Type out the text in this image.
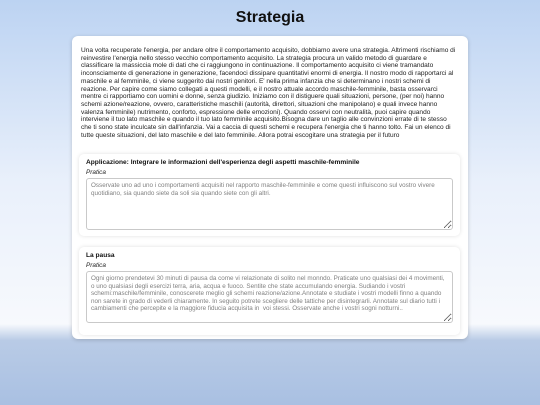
Strategia

Una volta recuperate l'energia, per andare oltre il comportamento acquisito, dobbiamo avere una strategia. Altrimenti rischiamo di reinvestire l'energia nello stesso vecchio comportamento acquisito. La strategia procura un valido metodo di guardare e classificare la massiccia mole di dati che ci raggiungono in continuazione. Il comportamento acquisito ci viene tramandato inconsciamente di generazione in generazione, facendoci dissipare quantitativi enormi di energia. Il nostro modo di rapportarci al maschile e al femminile, ci viene suggerito dai nostri genitori. E' nella prima infanzia che si determinano i nostri schemi di reazione. Per capire come siamo collegati a questi modelli, e il nostro attuale accordo maschile-femminile, basta osservarci mentre ci rapportiamo con uomini e donne, senza giudizio. Iniziamo con il distiguere quali situazioni, persone, (per noi) hanno schemi azione/reazione, ovvero, caratteristiche maschili (autorità, direttori, situazioni che manipolano) e quali invece hanno valenza femminile) nutrimento, conforto, espressione delle emozioni). Quando osservi con neutralità, puoi capire quando interviene il tuo lato maschile e quando il tuo lato femminile acquisito.Bisogna dare un taglio alle convinzioni errate di te stesso che ti sono state inculcate sin dall'infanzia. Vai a caccia di questi schemi e recupera l'energia che ti hanno tolto. Fai un elenco di tutte queste situazioni, del lato maschile e del lato femminile. Allora potrai escogitare una strategia per il futuro

Applicazione: Integrare le informazioni dell'esperienza degli aspetti maschile-femminile
Pratica
Osservate uno ad uno i comportamenti acquisiti nel rapporto maschile-femminile e come questi influiscono sul vostro vivere quotidiano, sia quando siete da soli sia quando siete con gli altri.
La pausa
Pratica
Ogni giorno prendetevi 30 minuti di pausa da come vi relazionate di solito nel monndo. Praticate uno qualsiasi dei 4 movimenti, o uno qualsiasi degli esercizi terra, aria, acqua e fuoco. Sentite che state accumulando energia. Sudiando i vostri schemi:maschile/femminile, conoscerete meglio gli schemi reazione/azione.Annotate e studiate i vostri modelli finno a quando non sarete in grado di vederli chiaramente. In seguito potrete scegliere delle tattiche per disintegrarli. Annotate sul diario tutti i cambiamenti che percepite e la maggiore fiducia acquisita in voi stessi. Osservate anche i vostri sogni notturni..
